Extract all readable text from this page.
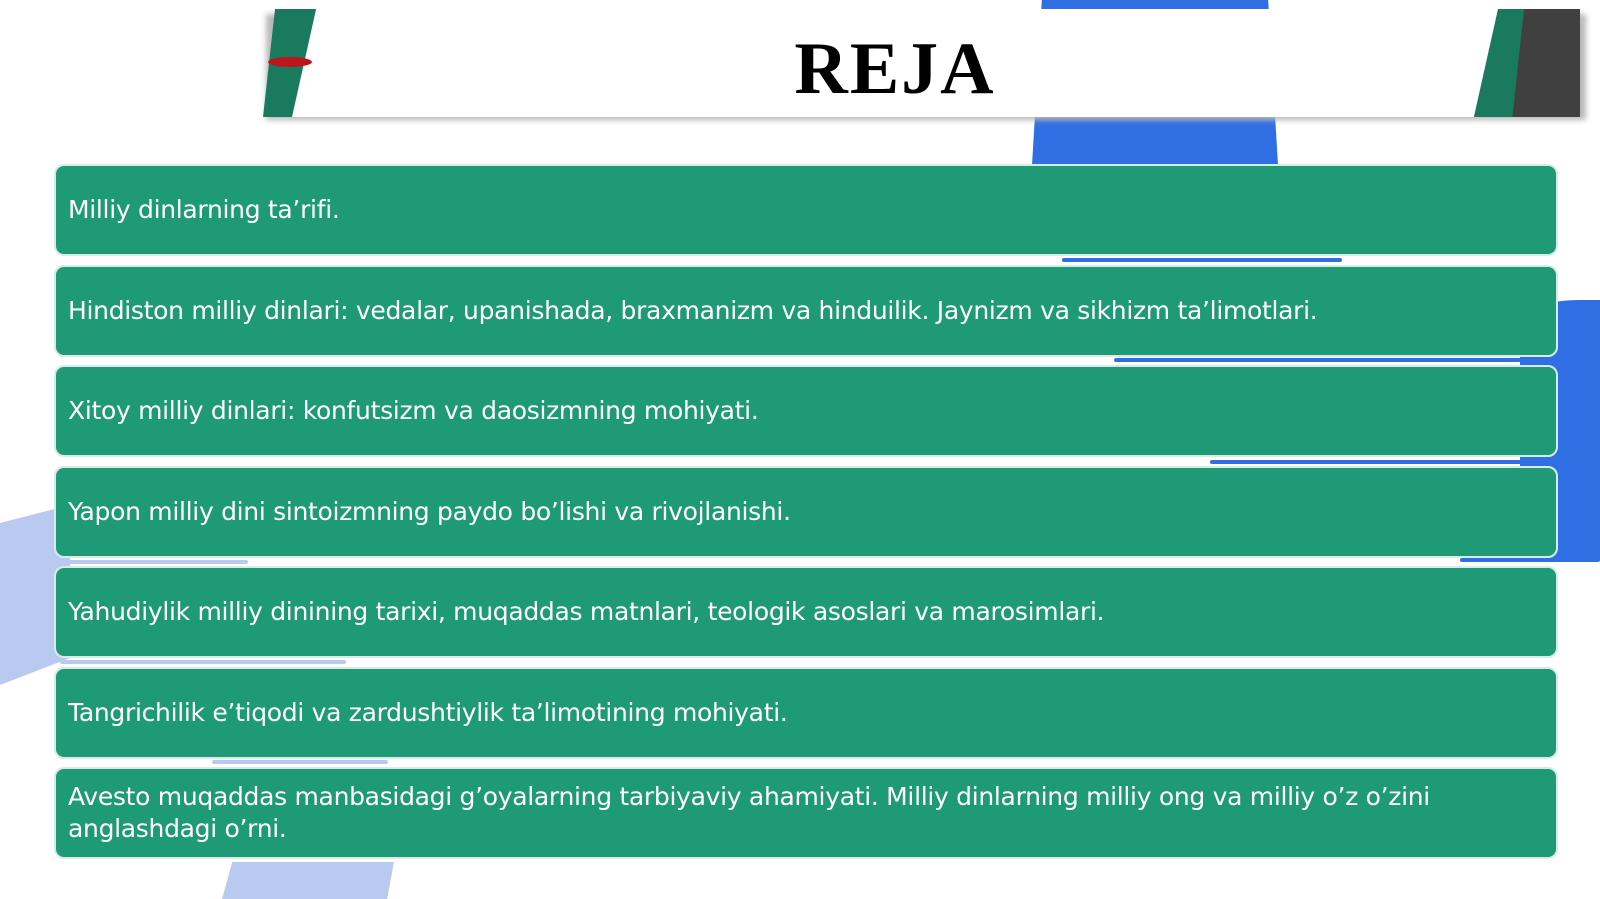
REJA
Milliy dinlarning ta’rifi.
Hindiston milliy dinlari: vedalar, upanishada, braxmanizm va hinduilik. Jaynizm va sikhizm ta’limotlari.
Xitoy milliy dinlari: konfutsizm va daosizmning mohiyati.
Yapon milliy dini sintoizmning paydo bo’lishi va rivojlanishi.
Yahudiylik milliy dinining tarixi, muqaddas matnlari, teologik asoslari va marosimlari.
Tangrichilik e’tiqodi va zardushtiylik ta’limotining mohiyati.
Avesto muqaddas manbasidagi g’oyalarning tarbiyaviy ahamiyati. Milliy dinlarning milliy ong va milliy o’z o’zini anglashdagi o’rni.
